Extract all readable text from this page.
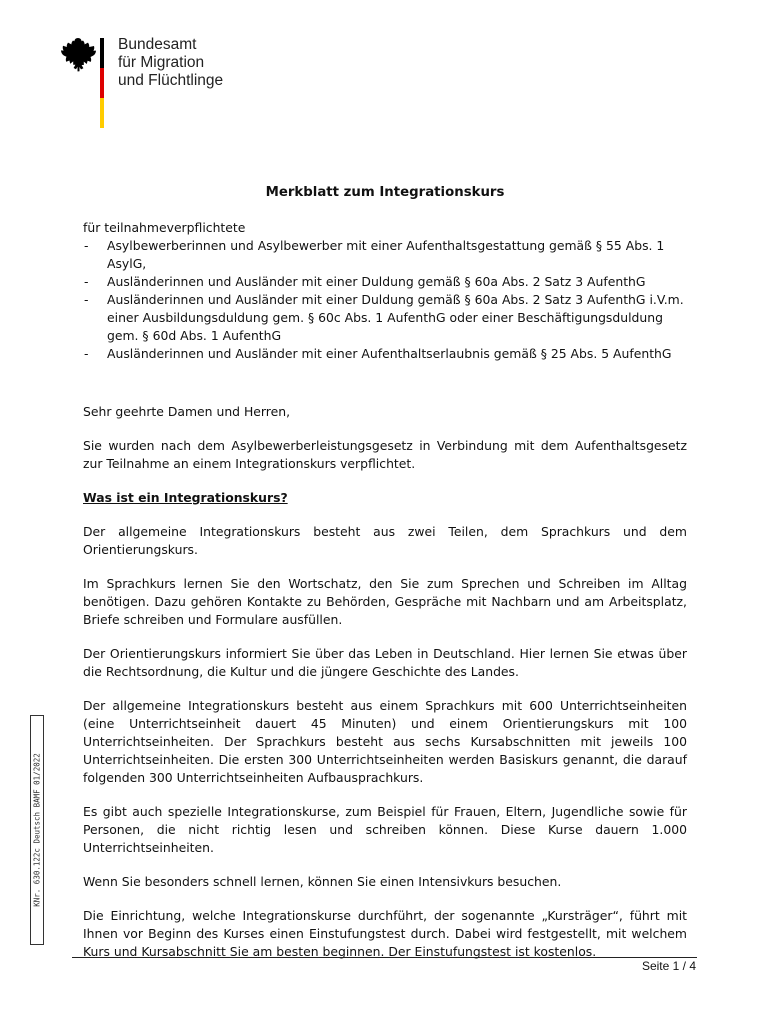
Bundesamt
für Migration
und Flüchtlinge
Merkblatt zum Integrationskurs
für teilnahmeverpflichtete
- Asylbewerberinnen und Asylbewerber mit einer Aufenthaltsgestattung gemäß § 55 Abs. 1 AsylG,
- Ausländerinnen und Ausländer mit einer Duldung gemäß § 60a Abs. 2 Satz 3 AufenthG
- Ausländerinnen und Ausländer mit einer Duldung gemäß § 60a Abs. 2 Satz 3 AufenthG i.V.m. einer Ausbildungsduldung gem. § 60c Abs. 1 AufenthG oder einer Beschäftigungsduldung gem. § 60d Abs. 1 AufenthG
- Ausländerinnen und Ausländer mit einer Aufenthaltserlaubnis gemäß § 25 Abs. 5 AufenthG

Sehr geehrte Damen und Herren,

Sie wurden nach dem Asylbewerberleistungsgesetz in Verbindung mit dem Aufenthaltsgesetz zur Teilnahme an einem Integrationskurs verpflichtet.

Was ist ein Integrationskurs?

Der allgemeine Integrationskurs besteht aus zwei Teilen, dem Sprachkurs und dem Orientierungskurs.

Im Sprachkurs lernen Sie den Wortschatz, den Sie zum Sprechen und Schreiben im Alltag benötigen. Dazu gehören Kontakte zu Behörden, Gespräche mit Nachbarn und am Arbeitsplatz, Briefe schreiben und Formulare ausfüllen.

Der Orientierungskurs informiert Sie über das Leben in Deutschland. Hier lernen Sie etwas über die Rechtsordnung, die Kultur und die jüngere Geschichte des Landes.

Der allgemeine Integrationskurs besteht aus einem Sprachkurs mit 600 Unterrichtseinheiten (eine Unterrichtseinheit dauert 45 Minuten) und einem Orientierungskurs mit 100 Unterrichtseinheiten. Der Sprachkurs besteht aus sechs Kursabschnitten mit jeweils 100 Unterrichtseinheiten. Die ersten 300 Unterrichtseinheiten werden Basiskurs genannt, die darauf folgenden 300 Unterrichtseinheiten Aufbausprachkurs.

Es gibt auch spezielle Integrationskurse, zum Beispiel für Frauen, Eltern, Jugendliche sowie für Personen, die nicht richtig lesen und schreiben können. Diese Kurse dauern 1.000 Unterrichtseinheiten.

Wenn Sie besonders schnell lernen, können Sie einen Intensivkurs besuchen.

Die Einrichtung, welche Integrationskurse durchführt, der sogenannte „Kursträger“, führt mit Ihnen vor Beginn des Kurses einen Einstufungstest durch. Dabei wird festgestellt, mit welchem Kurs und Kursabschnitt Sie am besten beginnen. Der Einstufungstest ist kostenlos.

KNr. 630.122c Deutsch BAMF 01/2022
Seite 1 / 4
